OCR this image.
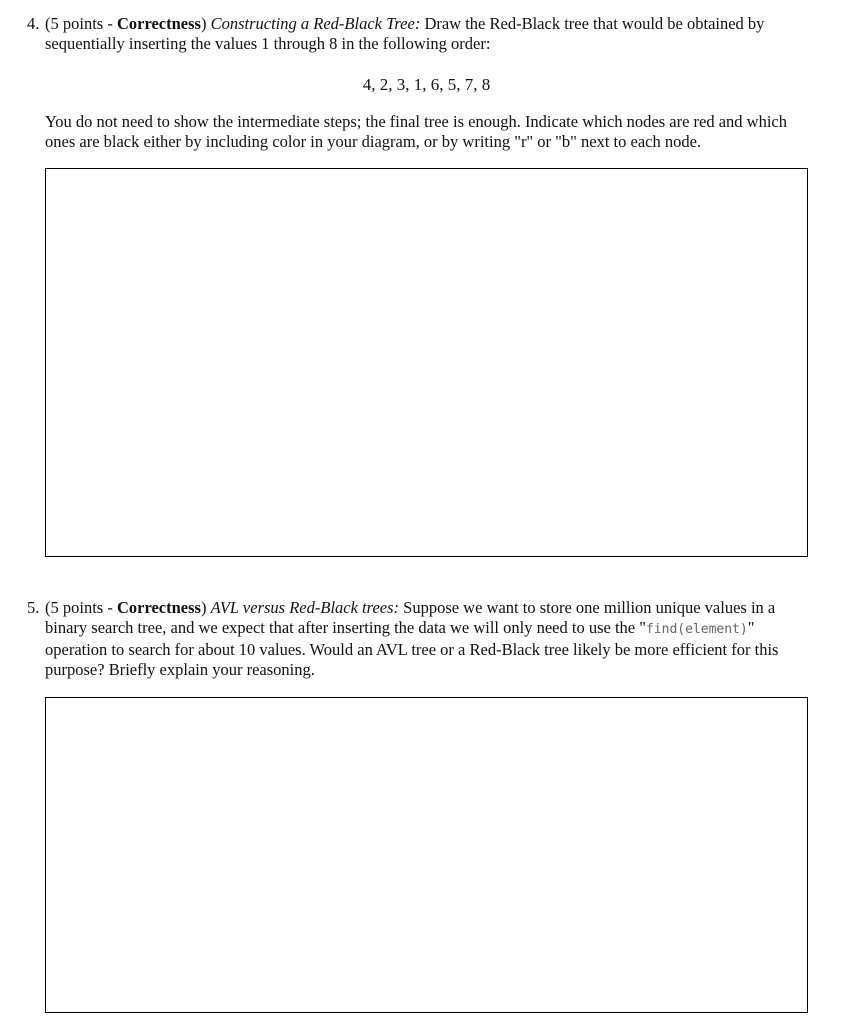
4. (5 points - Correctness) Constructing a Red-Black Tree: Draw the Red-Black tree that would be obtained by sequentially inserting the values 1 through 8 in the following order:
4, 2, 3, 1, 6, 5, 7, 8
You do not need to show the intermediate steps; the final tree is enough. Indicate which nodes are red and which ones are black either by including color in your diagram, or by writing "r" or "b" next to each node.
5. (5 points - Correctness) AVL versus Red-Black trees: Suppose we want to store one million unique values in a binary search tree, and we expect that after inserting the data we will only need to use the "find(element)" operation to search for about 10 values. Would an AVL tree or a Red-Black tree likely be more efficient for this purpose? Briefly explain your reasoning.
